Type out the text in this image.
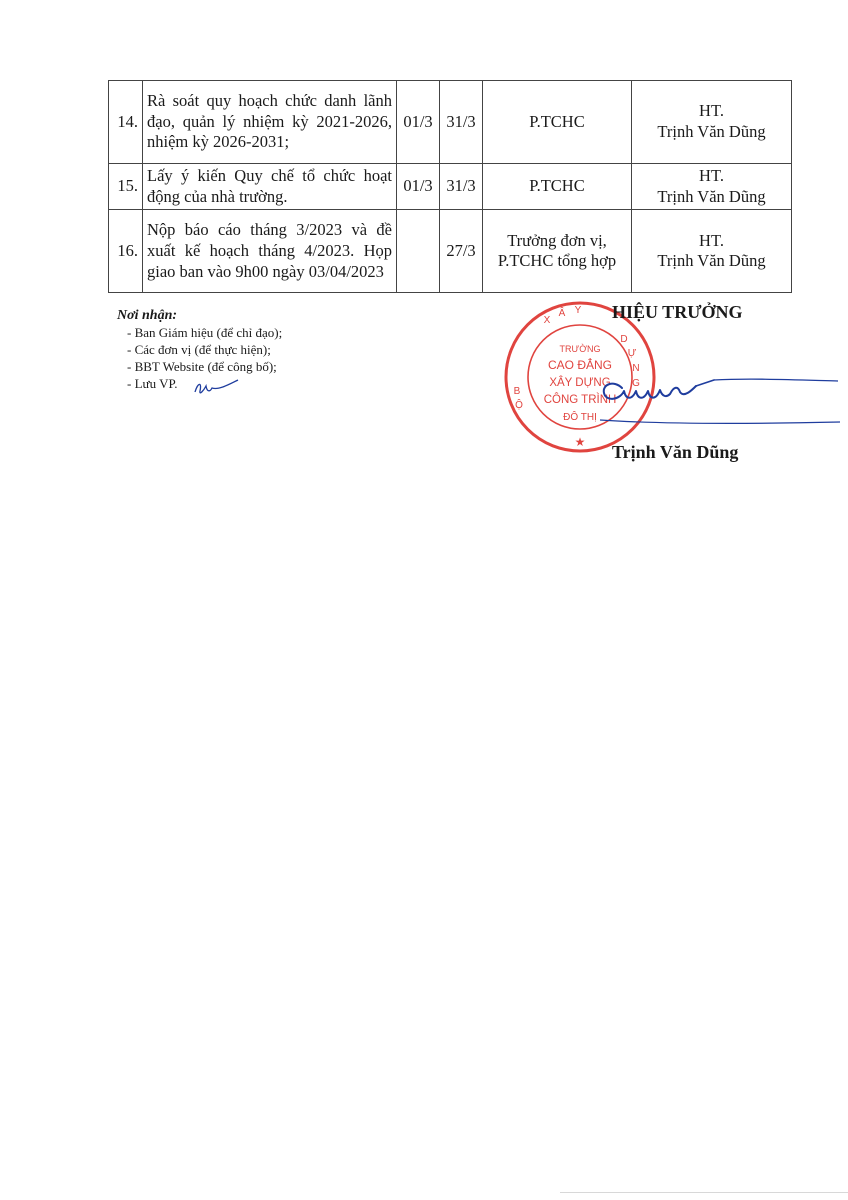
14.	Rà soát quy hoạch chức danh lãnh đạo, quản lý nhiệm kỳ 2021-2026, nhiệm kỳ 2026-2031;	01/3	31/3	P.TCHC	HT.
Trịnh Văn Dũng

15.	Lấy ý kiến Quy chế tổ chức hoạt động của nhà trường.	01/3	31/3	P.TCHC	HT.
Trịnh Văn Dũng

16.	Nộp báo cáo tháng 3/2023 và đề xuất kế hoạch tháng 4/2023. Họp giao ban vào 9h00 ngày 03/04/2023		27/3	Trưởng đơn vị, P.TCHC tổng hợp	HT.
Trịnh Văn Dũng
Nơi nhận:
- Ban Giám hiệu (để chỉ đạo);
- Các đơn vị (để thực hiện);
- BBT Website (để công bố);
- Lưu VP.
X
Â Y
D
Ự
N
G
B
Ộ
★
TRƯỜNG
CAO ĐẲNG
XÂY DỰNG
CÔNG TRÌNH
ĐÔ THỊ
HIỆU TRƯỞNG
Trịnh Văn Dũng
